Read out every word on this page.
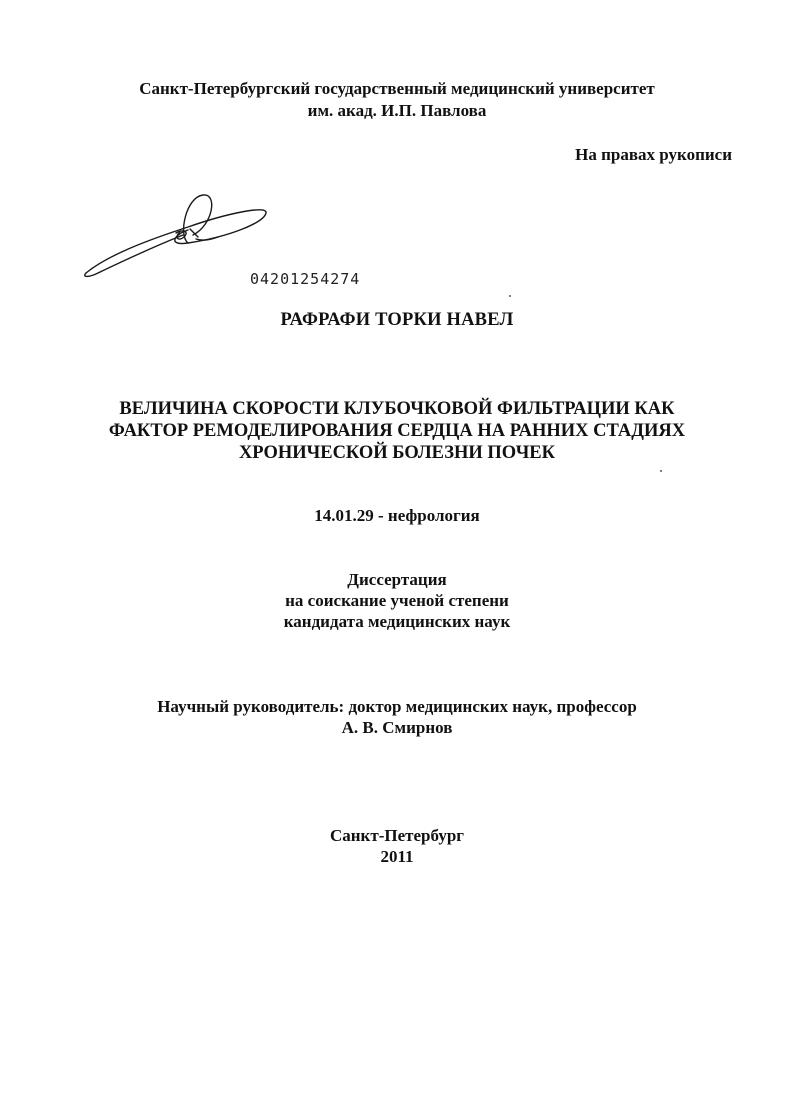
Санкт-Петербургский государственный медицинский университет
им. акад. И.П. Павлова
На правах рукописи
04201254274
РАФРАФИ ТОРКИ НАВЕЛ
ВЕЛИЧИНА СКОРОСТИ КЛУБОЧКОВОЙ ФИЛЬТРАЦИИ КАК
ФАКТОР РЕМОДЕЛИРОВАНИЯ СЕРДЦА НА РАННИХ СТАДИЯХ
ХРОНИЧЕСКОЙ БОЛЕЗНИ ПОЧЕК
14.01.29 - нефрология
Диссертация
на соискание ученой степени
кандидата медицинских наук
Научный руководитель: доктор медицинских наук, профессор
А. В. Смирнов
Санкт-Петербург
2011
